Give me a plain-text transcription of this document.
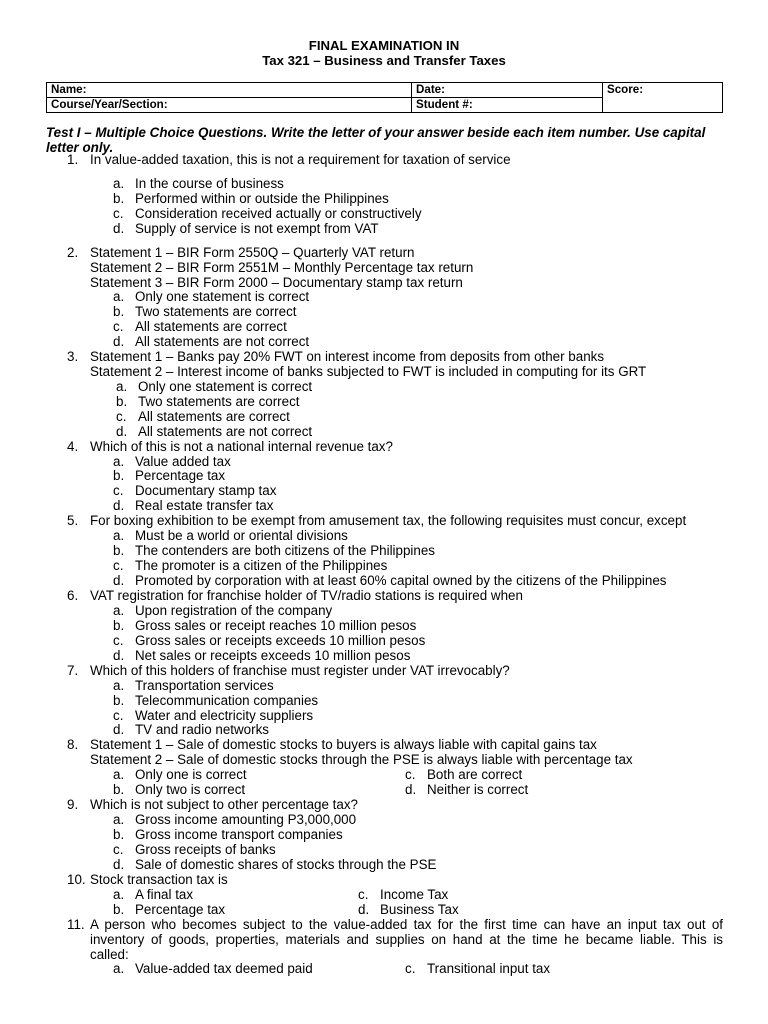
FINAL EXAMINATION IN
Tax 321 – Business and Transfer Taxes
Name:	Date:	Score:
Course/Year/Section:	Student #:	
Test I – Multiple Choice Questions. Write the letter of your answer beside each item number. Use capital letter only.
1. In value-added taxation, this is not a requirement for taxation of service
a. In the course of business
b. Performed within or outside the Philippines
c. Consideration received actually or constructively
d. Supply of service is not exempt from VAT
2. Statement 1 – BIR Form 2550Q – Quarterly VAT return
Statement 2 – BIR Form 2551M – Monthly Percentage tax return
Statement 3 – BIR Form 2000 – Documentary stamp tax return
a. Only one statement is correct
b. Two statements are correct
c. All statements are correct
d. All statements are not correct
3. Statement 1 – Banks pay 20% FWT on interest income from deposits from other banks
Statement 2 – Interest income of banks subjected to FWT is included in computing for its GRT
a. Only one statement is correct
b. Two statements are correct
c. All statements are correct
d. All statements are not correct
4. Which of this is not a national internal revenue tax?
a. Value added tax
b. Percentage tax
c. Documentary stamp tax
d. Real estate transfer tax
5. For boxing exhibition to be exempt from amusement tax, the following requisites must concur, except
a. Must be a world or oriental divisions
b. The contenders are both citizens of the Philippines
c. The promoter is a citizen of the Philippines
d. Promoted by corporation with at least 60% capital owned by the citizens of the Philippines
6. VAT registration for franchise holder of TV/radio stations is required when
a. Upon registration of the company
b. Gross sales or receipt reaches 10 million pesos
c. Gross sales or receipts exceeds 10 million pesos
d. Net sales or receipts exceeds 10 million pesos
7. Which of this holders of franchise must register under VAT irrevocably?
a. Transportation services
b. Telecommunication companies
c. Water and electricity suppliers
d. TV and radio networks
8. Statement 1 – Sale of domestic stocks to buyers is always liable with capital gains tax
Statement 2 – Sale of domestic stocks through the PSE is always liable with percentage tax
a. Only one is correct	c. Both are correct
b. Only two is correct	d. Neither is correct
9. Which is not subject to other percentage tax?
a. Gross income amounting P3,000,000
b. Gross income transport companies
c. Gross receipts of banks
d. Sale of domestic shares of stocks through the PSE
10. Stock transaction tax is
a. A final tax	c. Income Tax
b. Percentage tax	d. Business Tax
11. A person who becomes subject to the value-added tax for the first time can have an input tax out of
inventory of goods, properties, materials and supplies on hand at the time he became liable. This is
called:
a. Value-added tax deemed paid	c. Transitional input tax
